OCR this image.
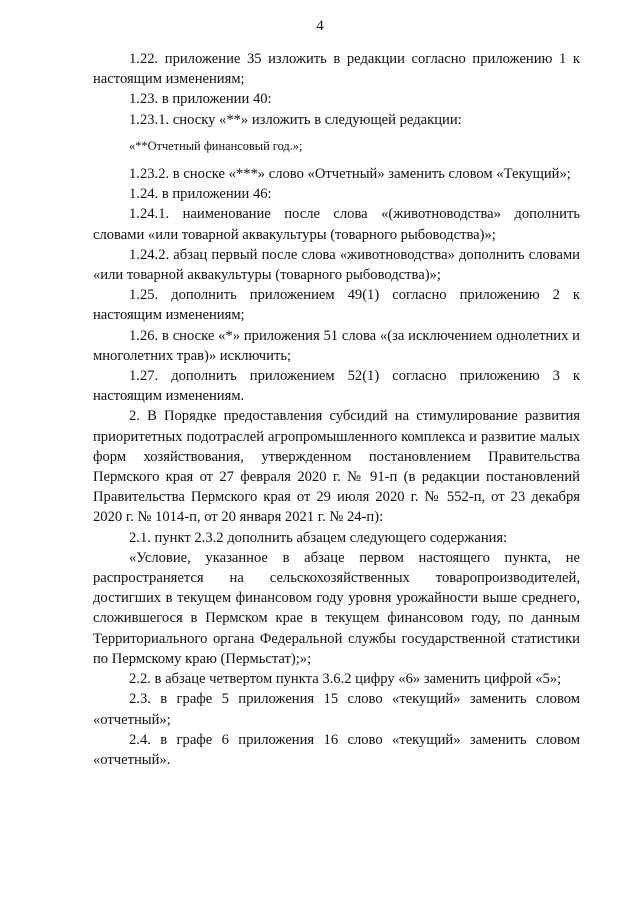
4

1.22. приложение 35 изложить в редакции согласно приложению 1 к настоящим изменениям;

1.23. в приложении 40:

1.23.1. сноску «**» изложить в следующей редакции:

«**Отчетный финансовый год.»;

1.23.2. в сноске «***» слово «Отчетный» заменить словом «Текущий»;

1.24. в приложении 46:

1.24.1. наименование после слова «(животноводства» дополнить словами «или товарной аквакультуры (товарного рыбоводства)»;

1.24.2. абзац первый после слова «животноводства» дополнить словами «или товарной аквакультуры (товарного рыбоводства)»;

1.25. дополнить приложением 49(1) согласно приложению 2 к настоящим изменениям;

1.26. в сноске «*» приложения 51 слова «(за исключением однолетних и многолетних трав)» исключить;

1.27. дополнить приложением 52(1) согласно приложению 3 к настоящим изменениям.

2. В Порядке предоставления субсидий на стимулирование развития приоритетных подотраслей агропромышленного комплекса и развитие малых форм хозяйствования, утвержденном постановлением Правительства Пермского края от 27 февраля 2020 г. № 91-п (в редакции постановлений Правительства Пермского края от 29 июля 2020 г. № 552-п, от 23 декабря 2020 г. № 1014-п, от 20 января 2021 г. № 24-п):

2.1. пункт 2.3.2 дополнить абзацем следующего содержания:

«Условие, указанное в абзаце первом настоящего пункта, не распространяется на сельскохозяйственных товаропроизводителей, достигших в текущем финансовом году уровня урожайности выше среднего, сложившегося в Пермском крае в текущем финансовом году, по данным Территориального органа Федеральной службы государственной статистики по Пермскому краю (Пермьстат);»;

2.2. в абзаце четвертом пункта 3.6.2 цифру «6» заменить цифрой «5»;

2.3. в графе 5 приложения 15 слово «текущий» заменить словом «отчетный»;

2.4. в графе 6 приложения 16 слово «текущий» заменить словом «отчетный».
